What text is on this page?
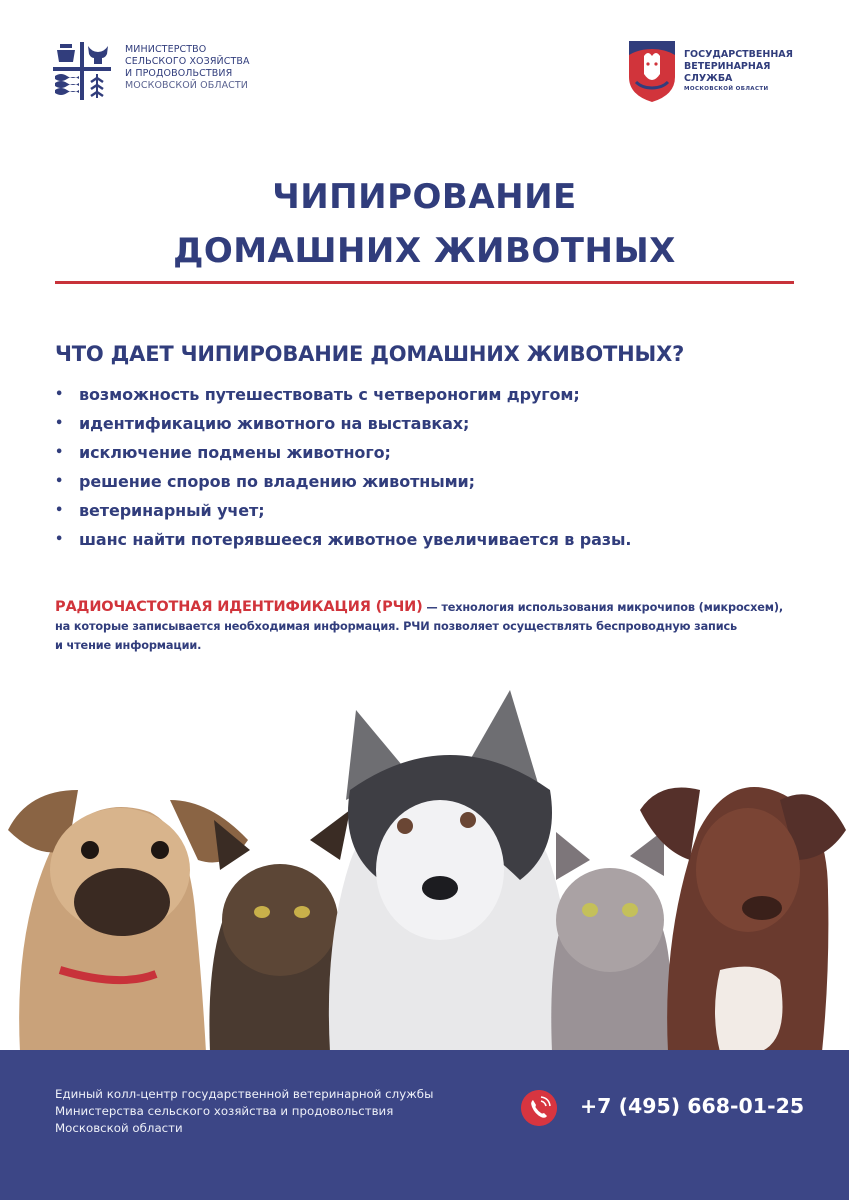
МИНИСТЕРСТВО
СЕЛЬСКОГО ХОЗЯЙСТВА
И ПРОДОВОЛЬСТВИЯ
МОСКОВСКОЙ ОБЛАСТИ
ГОСУДАРСТВЕННАЯ
ВЕТЕРИНАРНАЯ
СЛУЖБА
МОСКОВСКОЙ ОБЛАСТИ
ЧИПИРОВАНИЕ
ДОМАШНИХ ЖИВОТНЫХ
ЧТО ДАЕТ ЧИПИРОВАНИЕ ДОМАШНИХ ЖИВОТНЫХ?
• возможность путешествовать с четвероногим другом;
• идентификацию животного на выставках;
• исключение подмены животного;
• решение споров по владению животными;
• ветеринарный учет;
• шанс найти потерявшееся животное увеличивается в разы.
РАДИОЧАСТОТНАЯ ИДЕНТИФИКАЦИЯ (РЧИ) — технология использования микрочипов (микросхем),
на которые записывается необходимая информация. РЧИ позволяет осуществлять беспроводную запись
и чтение информации.
Единый колл-центр государственной ветеринарной службы
Министерства сельского хозяйства и продовольствия
Московской области
+7 (495) 668-01-25
